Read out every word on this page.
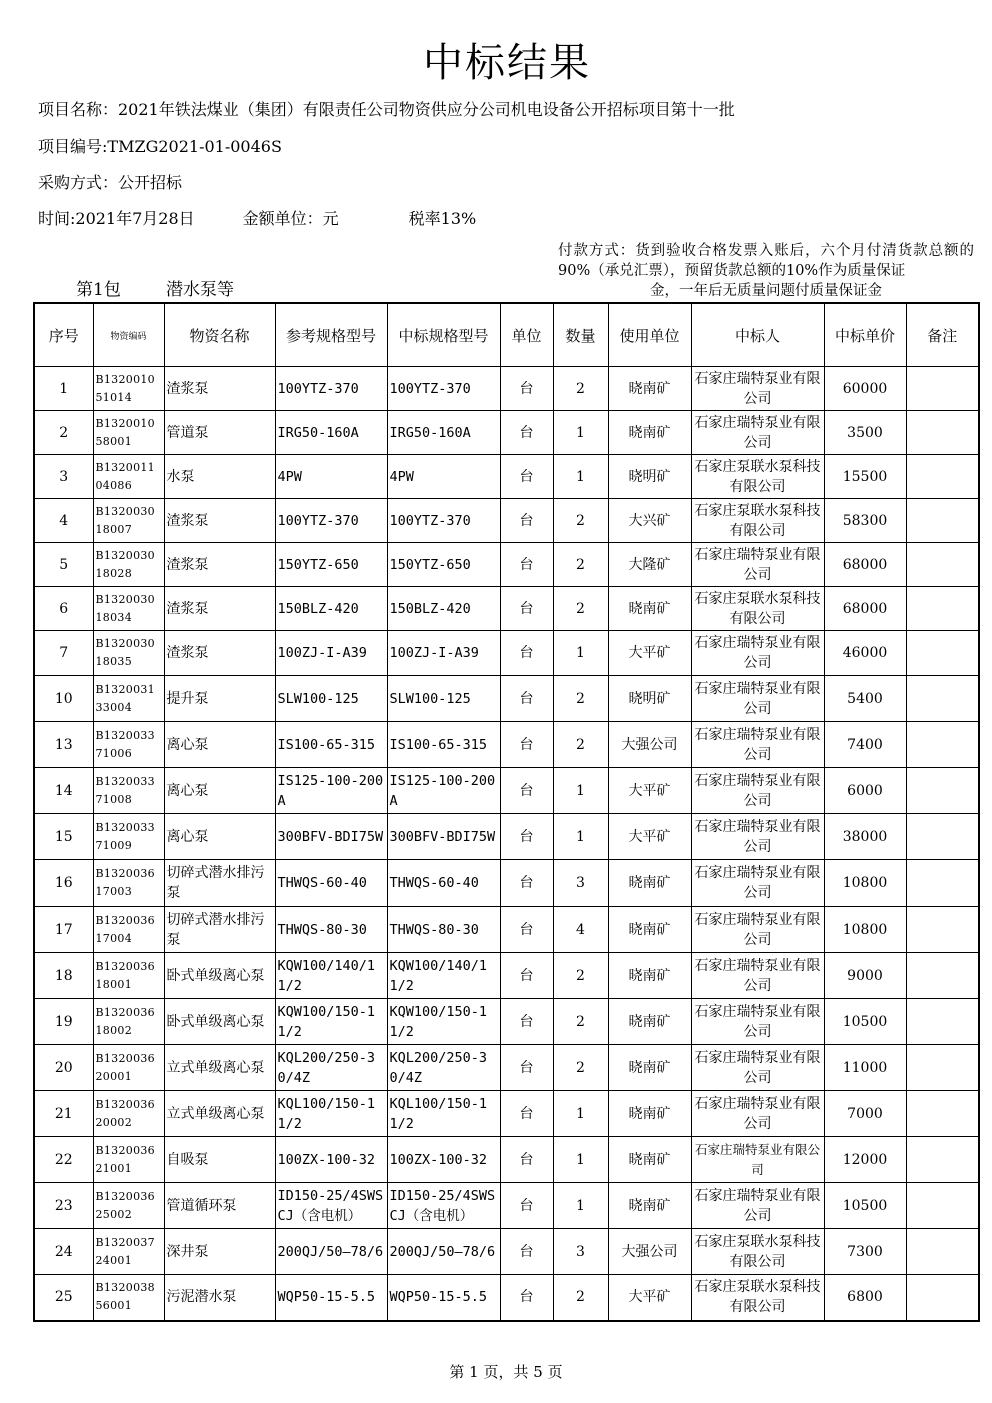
中标结果
项目名称：2021年铁法煤业（集团）有限责任公司物资供应分公司机电设备公开招标项目第十一批
项目编号:TMZG2021-01-0046S
采购方式：公开招标
时间:2021年7月28日	金额单位：元	税率13%
付款方式：货到验收合格发票入账后，六个月付清货款总额的90%（承兑汇票），预留货款总额的10%作为质量保证
金，一年后无质量问题付质量保证金
第1包	潜水泵等
序号	物资编码	物资名称	参考规格型号	中标规格型号	单位	数量	使用单位	中标人	中标单价	备注
1	B132001051014	渣浆泵	100YTZ-370	100YTZ-370	台	2	晓南矿	石家庄瑞特泵业有限公司	60000	
2	B132001058001	管道泵	IRG50-160A	IRG50-160A	台	1	晓南矿	石家庄瑞特泵业有限公司	3500	
3	B132001104086	水泵	4PW	4PW	台	1	晓明矿	石家庄泵联水泵科技有限公司	15500	
4	B132003018007	渣浆泵	100YTZ-370	100YTZ-370	台	2	大兴矿	石家庄泵联水泵科技有限公司	58300	
5	B132003018028	渣浆泵	150YTZ-650	150YTZ-650	台	2	大隆矿	石家庄瑞特泵业有限公司	68000	
6	B132003018034	渣浆泵	150BLZ-420	150BLZ-420	台	2	晓南矿	石家庄泵联水泵科技有限公司	68000	
7	B132003018035	渣浆泵	100ZJ-I-A39	100ZJ-I-A39	台	1	大平矿	石家庄瑞特泵业有限公司	46000	
10	B132003133004	提升泵	SLW100-125	SLW100-125	台	2	晓明矿	石家庄瑞特泵业有限公司	5400	
13	B132003371006	离心泵	IS100-65-315	IS100-65-315	台	2	大强公司	石家庄瑞特泵业有限公司	7400	
14	B132003371008	离心泵	IS125-100-200A	IS125-100-200A	台	1	大平矿	石家庄瑞特泵业有限公司	6000	
15	B132003371009	离心泵	300BFV-BDI75W	300BFV-BDI75W	台	1	大平矿	石家庄瑞特泵业有限公司	38000	
16	B132003617003	切碎式潜水排污泵	THWQS-60-40	THWQS-60-40	台	3	晓南矿	石家庄瑞特泵业有限公司	10800	
17	B132003617004	切碎式潜水排污泵	THWQS-80-30	THWQS-80-30	台	4	晓南矿	石家庄瑞特泵业有限公司	10800	
18	B132003618001	卧式单级离心泵	KQW100/140/11/2	KQW100/140/11/2	台	2	晓南矿	石家庄瑞特泵业有限公司	9000	
19	B132003618002	卧式单级离心泵	KQW100/150-11/2	KQW100/150-11/2	台	2	晓南矿	石家庄瑞特泵业有限公司	10500	
20	B132003620001	立式单级离心泵	KQL200/250-30/4Z	KQL200/250-30/4Z	台	2	晓南矿	石家庄瑞特泵业有限公司	11000	
21	B132003620002	立式单级离心泵	KQL100/150-11/2	KQL100/150-11/2	台	1	晓南矿	石家庄瑞特泵业有限公司	7000	
22	B132003621001	自吸泵	100ZX-100-32	100ZX-100-32	台	1	晓南矿	石家庄瑞特泵业有限公司	12000	
23	B132003625002	管道循环泵	ID150-25/4SWSCJ（含电机）	ID150-25/4SWSCJ（含电机）	台	1	晓南矿	石家庄瑞特泵业有限公司	10500	
24	B132003724001	深井泵	200QJ/50—78/6	200QJ/50—78/6	台	3	大强公司	石家庄泵联水泵科技有限公司	7300	
25	B132003856001	污泥潜水泵	WQP50-15-5.5	WQP50-15-5.5	台	2	大平矿	石家庄泵联水泵科技有限公司	6800	
第 1 页，共 5 页
